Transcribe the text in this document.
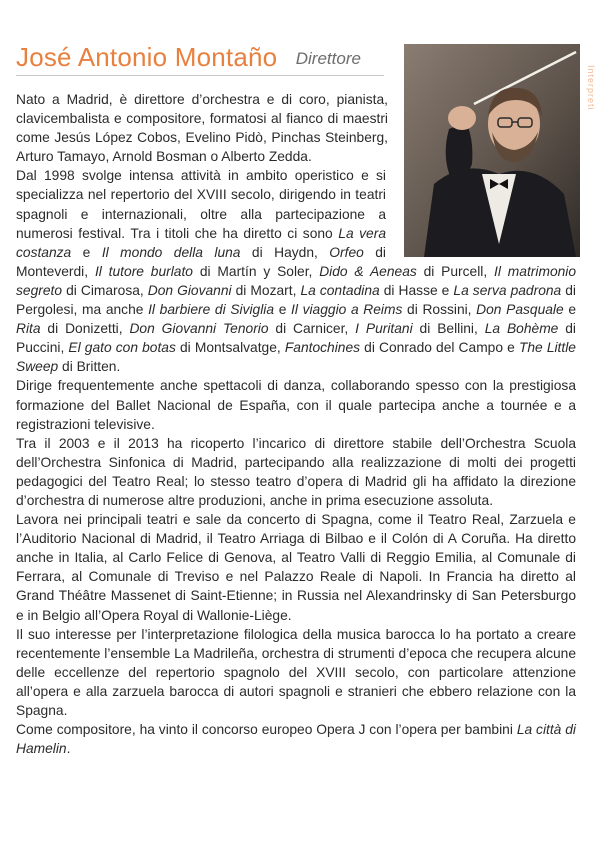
José Antonio Montaño Direttore
Interpreti

Nato a Madrid, è direttore d’orchestra e di coro, pianista, clavicembalista e compositore, formatosi al fianco di maestri come Jesús López Cobos, Evelino Pidò, Pinchas Steinberg, Arturo Tamayo, Arnold Bosman o Alberto Zedda.

Dal 1998 svolge intensa attività in ambito operistico e si specializza nel repertorio del XVIII secolo, dirigendo in teatri spagnoli e internazionali, oltre alla partecipazione a numerosi festival. Tra i titoli che ha diretto ci sono La vera costanza e Il mondo della luna di Haydn, Orfeo di Monteverdi, Il tutore burlato di Martín y Soler, Dido & Aeneas di Purcell, Il matrimonio segreto di Cimarosa, Don Giovanni di Mozart, La contadina di Hasse e La serva padrona di Pergolesi, ma anche Il barbiere di Siviglia e Il viaggio a Reims di Rossini, Don Pasquale e Rita di Donizetti, Don Giovanni Tenorio di Carnicer, I Puritani di Bellini, La Bohème di Puccini, El gato con botas di Montsalvatge, Fantochines di Conrado del Campo e The Little Sweep di Britten.

Dirige frequentemente anche spettacoli di danza, collaborando spesso con la prestigiosa formazione del Ballet Nacional de España, con il quale partecipa anche a tournée e a registrazioni televisive.

Tra il 2003 e il 2013 ha ricoperto l’incarico di direttore stabile dell’Orchestra Scuola dell’Orchestra Sinfonica di Madrid, partecipando alla realizzazione di molti dei progetti pedagogici del Teatro Real; lo stesso teatro d’opera di Madrid gli ha affidato la direzione d’orchestra di numerose altre produzioni, anche in prima esecuzione assoluta.

Lavora nei principali teatri e sale da concerto di Spagna, come il Teatro Real, Zarzuela e l’Auditorio Nacional di Madrid, il Teatro Arriaga di Bilbao e il Colón di A Coruña. Ha diretto anche in Italia, al Carlo Felice di Genova, al Teatro Valli di Reggio Emilia, al Comunale di Ferrara, al Comunale di Treviso e nel Palazzo Reale di Napoli. In Francia ha diretto al Grand Théâtre Massenet di Saint-Etienne; in Russia nel Alexandrinsky di San Petersburgo e in Belgio all’Opera Royal di Wallonie-Liège.

Il suo interesse per l’interpretazione filologica della musica barocca lo ha portato a creare recentemente l’ensemble La Madrileña, orchestra di strumenti d’epoca che recupera alcune delle eccellenze del repertorio spagnolo del XVIII secolo, con particolare attenzione all’opera e alla zarzuela barocca di autori spagnoli e stranieri che ebbero relazione con la Spagna.

Come compositore, ha vinto il concorso europeo Opera J con l’opera per bambini La città di Hamelin.
